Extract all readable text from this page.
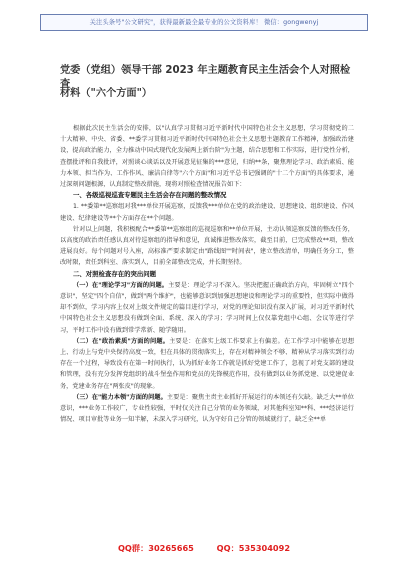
关注头条号"公文研究"，获得最新最全最专业的公文资料库！ 微信：gongwenyj
党委（党组）领导干部 2023 年主题教育民主生活会个人对照检查
材料（"六个方面"）

根据此次民主生活会的安排，以"认真学习贯彻习近平新时代中国特色社会主义思想，学习贯彻党的二十大精神、中央、省委、**委学习贯彻习近平新时代中国特色社会主义思想主题教育工作精神，加强政治建设，提高政治能力，全力推动中国式现代化发展两上新台阶"为主题，结合思想和工作实际，进行党性分析，查摆批评和自我批评，对照谈心谈话以及开展意见征集的***意见，归纳**条，聚焦理论学习、政治素质、能力本领、担当作为、工作作风、廉洁自律等"六个方面"和习近平总书记强调的"十二个方面"的具体要求，通过深刻问题根源，认真制定整改措施，现将对照检查情况报告如下：

一、各级巡视巡查专题民主生活会存在问题的整改情况

1. **委第**巡察组对我***单位开展巡察，反馈我***单位在党的政治建设、思想建设、组织建设、作风建设、纪律建设等**个方面存在**个问题。

针对以上问题，我积极配合**委第**巡察组的巡视巡察和**单位开展，主动认领巡察反馈的整改任务，以高度的政治责任感认真对待巡察组的指导和意见，真诚推进整改落实，截至目前，已完成整改**项，整改进展良好。每个问题对号入座，高标准严要求制定由"路线图""时间表"，建立整改清单，明确任务分工，整改时限，责任到科室、落实到人，目前全部整改完成，并长期坚持。

二、对照检查存在的突出问题

（一）在"理论学习"方面的问题。主要是：理论学习不深入。坚决把握正确政治方向，牢固树立"四个意识"，坚定"四个自信"，做到"两个维护"，也能够意识到加强思想建设和理论学习的重要性，但实际中做得却不到位，学习内容上仅对上级文件规定的篇目进行学习，对党的理论知识没有深入扩展，对习近平新时代中国特色社会主义思想没有做到全面、系统、深入的学习；学习时间上仅仅靠党组中心组、会议等进行学习，平时工作中没有做到常学常新、随学随用。

（二）在"政治素质"方面的问题。主要是：在落实上级工作要求上有偏差。在工作学习中能够在思想上、行动上与党中央保持高度一致，但在具体的贯彻落实上，存在对精神领会不够、精神从学习落实到行动存在一个过程，导致没有在第一时间执行，认为抓好业务工作就是抓好党建工作了，忽视了对党支部的建设和管理，没有充分发挥党组织的战斗堡垒作用和党员的先锋模范作用，没有做到以业务抓党建、以党建促业务，党建业务存在"两张皮"的现象。

（三）在"能力本领"方面的问题。主要是：聚焦主责主业抓好开展运行的本领还有欠缺。缺乏大**单位意识，***业务工作较广，专业性较强，平时仅关注自己分管的业务领域，对其他科室知**科、***经济运行情况、项目审批等业务一知半解，未深入学习研究，认为守好自己分管的领域就行了，缺乏全**单

QQ群：30265665        QQ：535304092
